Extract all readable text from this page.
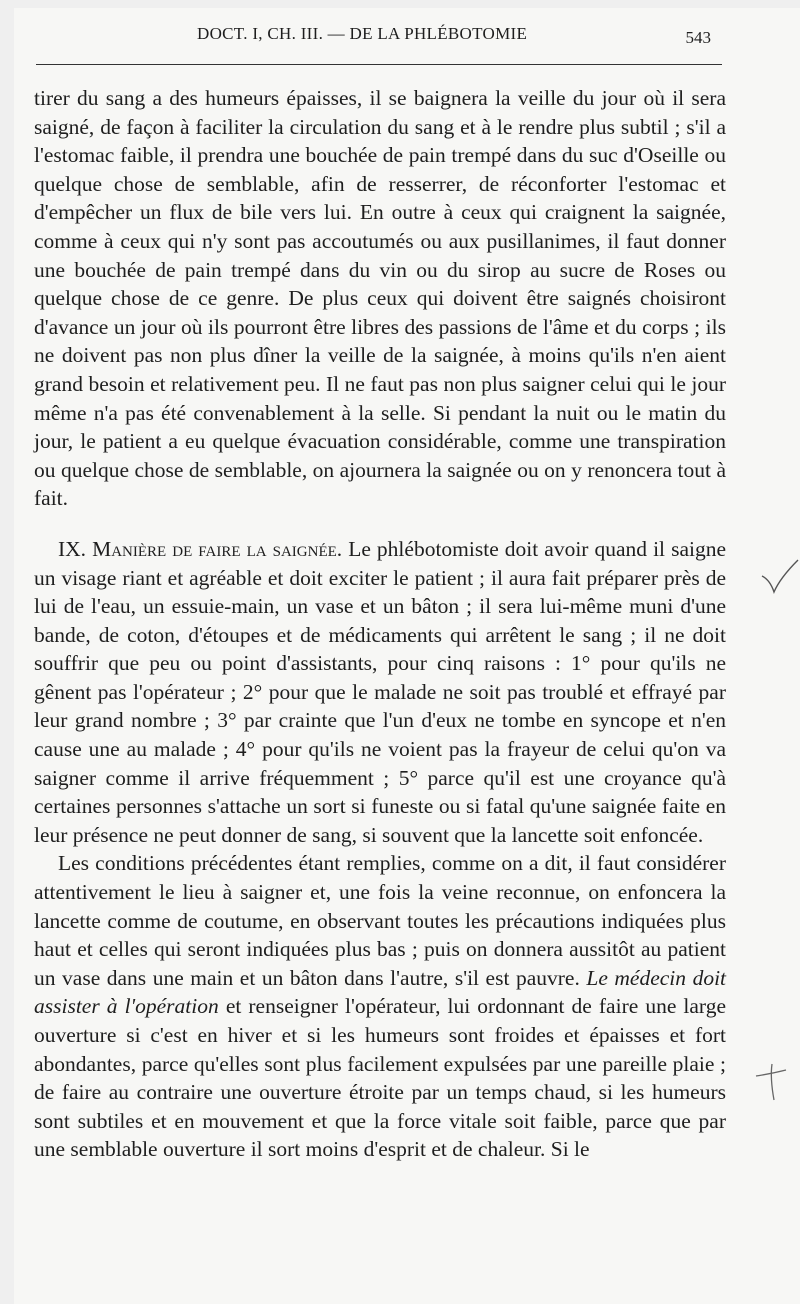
DOCT. I, CH. III. — DE LA PHLÉBOTOMIE	543

tirer du sang a des humeurs épaisses, il se baignera la veille du jour où il sera saigné, de façon à faciliter la circulation du sang et à le rendre plus subtil ; s'il a l'estomac faible, il prendra une bouchée de pain trempé dans du suc d'Oseille ou quelque chose de semblable, afin de resserrer, de réconforter l'estomac et d'empêcher un flux de bile vers lui. En outre à ceux qui craignent la saignée, comme à ceux qui n'y sont pas accoutumés ou aux pusillanimes, il faut donner une bouchée de pain trempé dans du vin ou du sirop au sucre de Roses ou quelque chose de ce genre. De plus ceux qui doivent être saignés choisiront d'avance un jour où ils pourront être libres des passions de l'âme et du corps ; ils ne doivent pas non plus dîner la veille de la saignée, à moins qu'ils n'en aient grand besoin et relativement peu. Il ne faut pas non plus saigner celui qui le jour même n'a pas été convenablement à la selle. Si pendant la nuit ou le matin du jour, le patient a eu quelque évacuation considérable, comme une transpiration ou quelque chose de semblable, on ajournera la saignée ou on y renoncera tout à fait.

IX. Manière de faire la saignée. Le phlébotomiste doit avoir quand il saigne un visage riant et agréable et doit exciter le patient ; il aura fait préparer près de lui de l'eau, un essuie-main, un vase et un bâton ; il sera lui-même muni d'une bande, de coton, d'étoupes et de médicaments qui arrêtent le sang ; il ne doit souffrir que peu ou point d'assistants, pour cinq raisons : 1° pour qu'ils ne gênent pas l'opérateur ; 2° pour que le malade ne soit pas troublé et effrayé par leur grand nombre ; 3° par crainte que l'un d'eux ne tombe en syncope et n'en cause une au malade ; 4° pour qu'ils ne voient pas la frayeur de celui qu'on va saigner comme il arrive fréquemment ; 5° parce qu'il est une croyance qu'à certaines personnes s'attache un sort si funeste ou si fatal qu'une saignée faite en leur présence ne peut donner de sang, si souvent que la lancette soit enfoncée.

Les conditions précédentes étant remplies, comme on a dit, il faut considérer attentivement le lieu à saigner et, une fois la veine reconnue, on enfoncera la lancette comme de coutume, en observant toutes les précautions indiquées plus haut et celles qui seront indiquées plus bas ; puis on donnera aussitôt au patient un vase dans une main et un bâton dans l'autre, s'il est pauvre. Le médecin doit assister à l'opération et renseigner l'opérateur, lui ordonnant de faire une large ouverture si c'est en hiver et si les humeurs sont froides et épaisses et fort abondantes, parce qu'elles sont plus facilement expulsées par une pareille plaie ; de faire au contraire une ouverture étroite par un temps chaud, si les humeurs sont subtiles et en mouvement et que la force vitale soit faible, parce que par une semblable ouverture il sort moins d'esprit et de chaleur. Si le
